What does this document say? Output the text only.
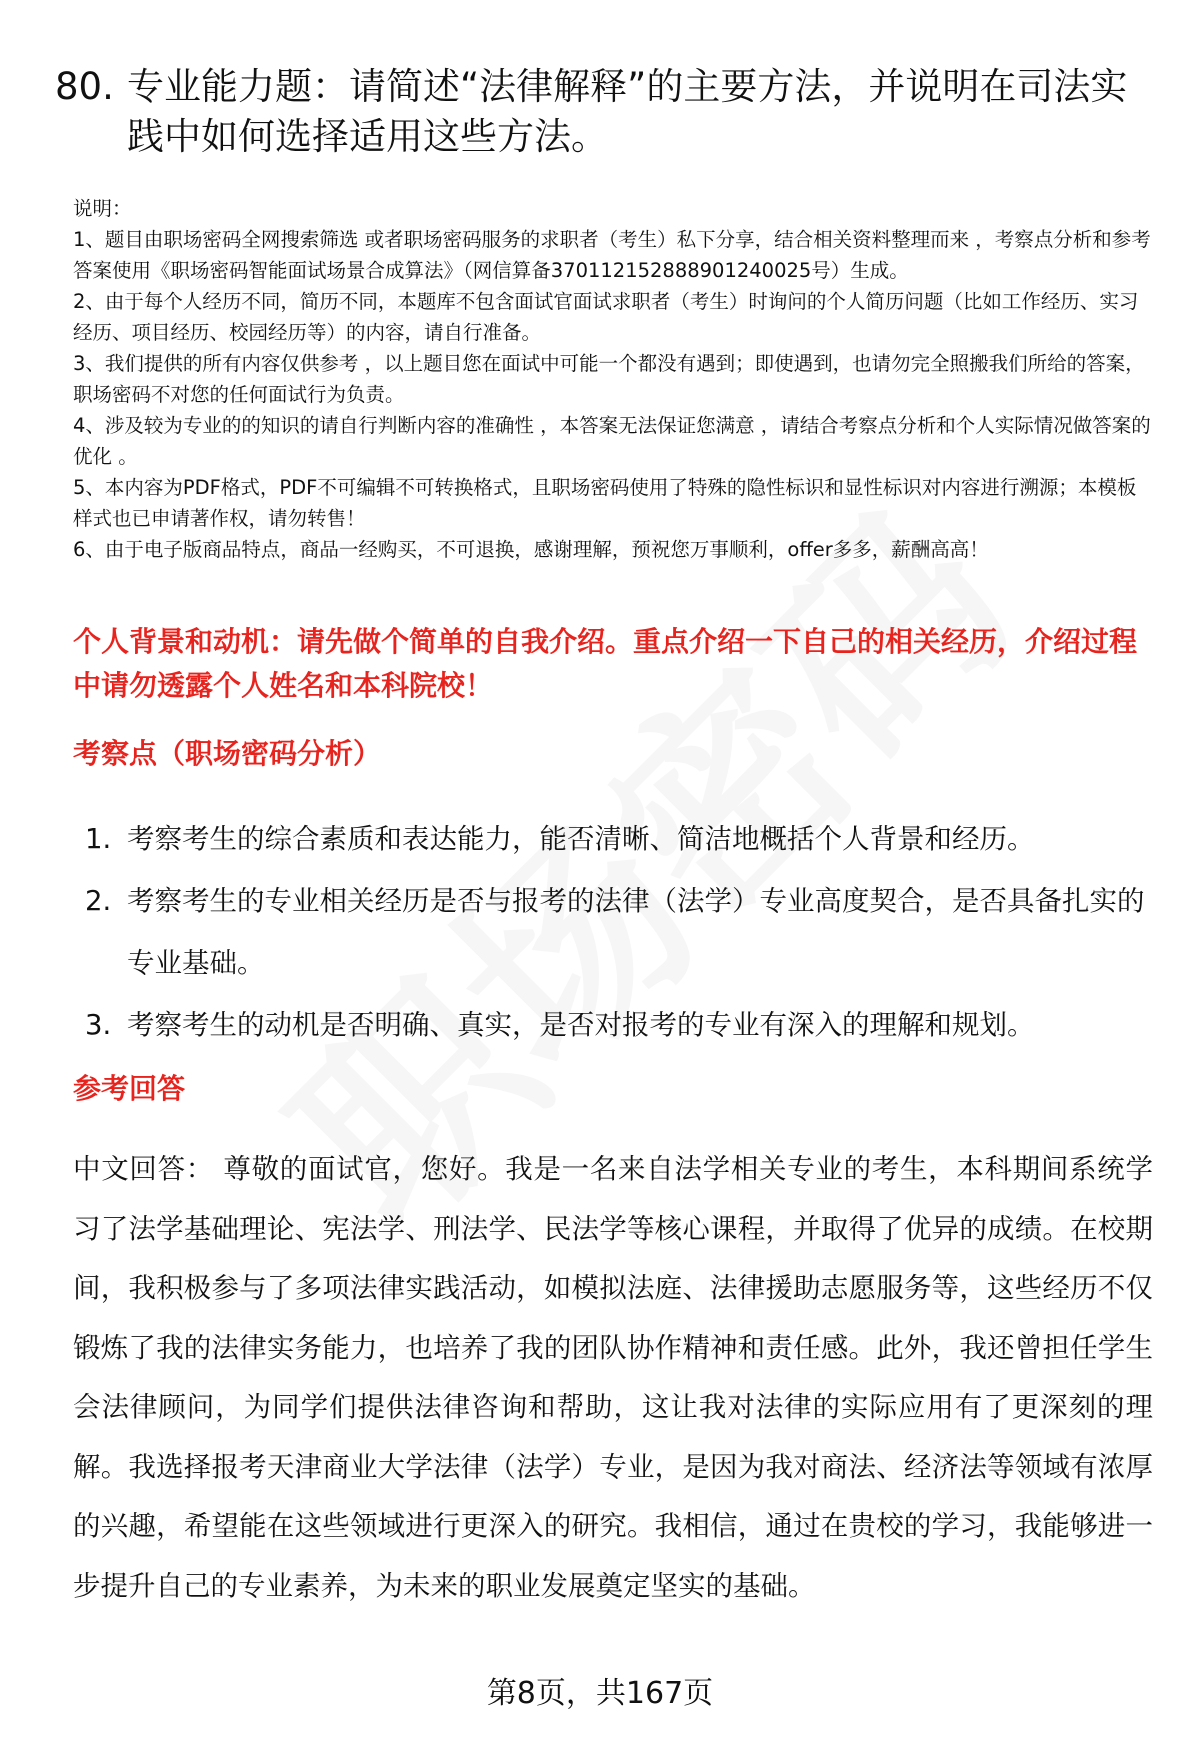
80. 专业能力题：请简述“法律解释”的主要方法，并说明在司法实践中如何选择适用这些方法。
说明：
1、题目由职场密码全网搜索筛选 或者职场密码服务的求职者（考生）私下分享，结合相关资料整理而来 ，考察点分析和参考答案使用《职场密码智能面试场景合成算法》（网信算备370112152888901240025号）生成。
2、由于每个人经历不同，简历不同，本题库不包含面试官面试求职者（考生）时询问的个人简历问题（比如工作经历、实习经历、项目经历、校园经历等）的内容，请自行准备。
3、我们提供的所有内容仅供参考 ，以上题目您在面试中可能一个都没有遇到；即使遇到，也请勿完全照搬我们所给的答案，职场密码不对您的任何面试行为负责。
4、涉及较为专业的的知识的请自行判断内容的准确性 ，本答案无法保证您满意 ，请结合考察点分析和个人实际情况做答案的优化 。
5、本内容为PDF格式，PDF不可编辑不可转换格式，且职场密码使用了特殊的隐性标识和显性标识对内容进行溯源；本模板样式也已申请著作权，请勿转售！
6、由于电子版商品特点，商品一经购买，不可退换，感谢理解，预祝您万事顺利，offer多多，薪酬高高！
个人背景和动机：请先做个简单的自我介绍。重点介绍一下自己的相关经历，介绍过程中请勿透露个人姓名和本科院校！
考察点（职场密码分析）
1. 考察考生的综合素质和表达能力，能否清晰、简洁地概括个人背景和经历。
2. 考察考生的专业相关经历是否与报考的法律（法学）专业高度契合，是否具备扎实的专业基础。
3. 考察考生的动机是否明确、真实，是否对报考的专业有深入的理解和规划。
参考回答
中文回答： 尊敬的面试官，您好。我是一名来自法学相关专业的考生，本科期间系统学习了法学基础理论、宪法学、刑法学、民法学等核心课程，并取得了优异的成绩。在校期间，我积极参与了多项法律实践活动，如模拟法庭、法律援助志愿服务等，这些经历不仅锻炼了我的法律实务能力，也培养了我的团队协作精神和责任感。此外，我还曾担任学生会法律顾问，为同学们提供法律咨询和帮助，这让我对法律的实际应用有了更深刻的理解。我选择报考天津商业大学法律（法学）专业，是因为我对商法、经济法等领域有浓厚的兴趣，希望能在这些领域进行更深入的研究。我相信，通过在贵校的学习，我能够进一步提升自己的专业素养，为未来的职业发展奠定坚实的基础。
第8页，共167页
